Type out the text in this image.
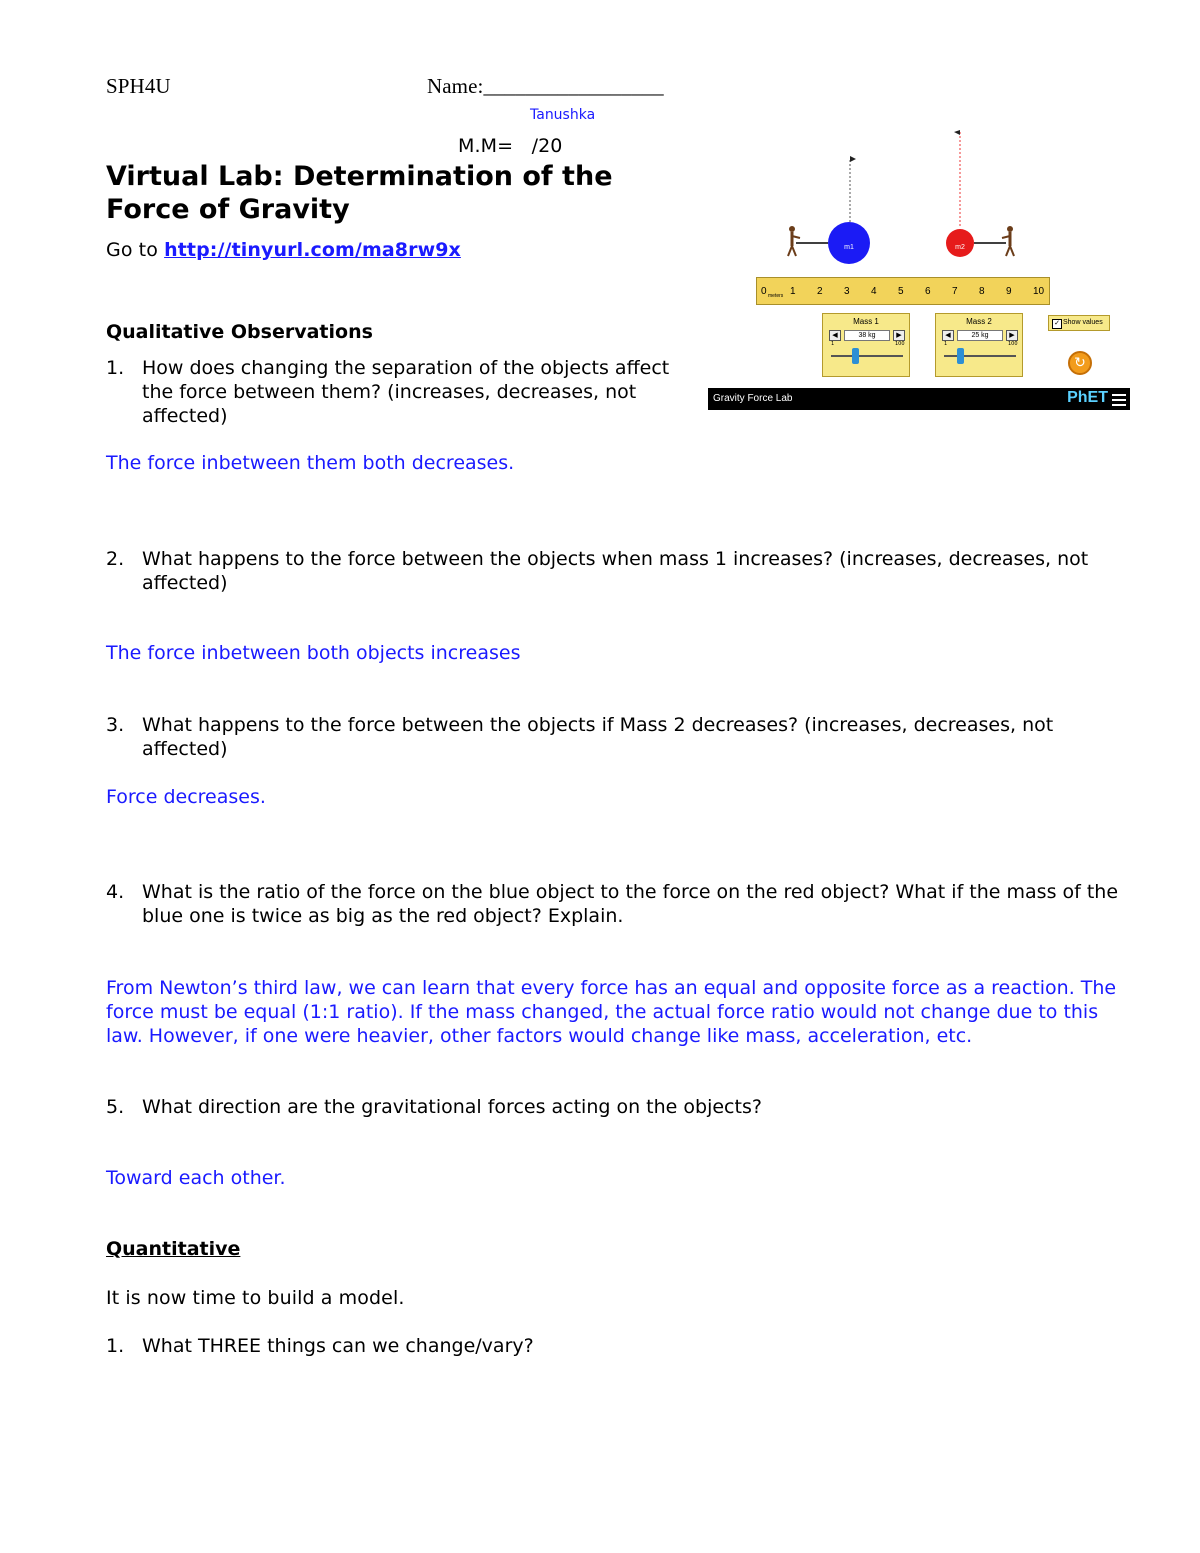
SPH4U	Name:_________________
Tanushka
M.M=   /20
Virtual Lab: Determination of the
Force of Gravity
Go to http://tinyurl.com/ma8rw9x
Qualitative Observations
1. How does changing the separation of the objects affect the force between them? (increases, decreases, not affected)
The force inbetween them both decreases.
2. What happens to the force between the objects when mass 1 increases? (increases, decreases, not affected)
The force inbetween both objects increases
3. What happens to the force between the objects if Mass 2 decreases? (increases, decreases, not affected)
Force decreases.
4. What is the ratio of the force on the blue object to the force on the red object? What if the mass of the blue one is twice as big as the red object? Explain.
From Newton’s third law, we can learn that every force has an equal and opposite force as a reaction. The force must be equal (1:1 ratio). If the mass changed, the actual force ratio would not change due to this law. However, if one were heavier, other factors would change like mass, acceleration, etc.
5. What direction are the gravitational forces acting on the objects?
Toward each other.
Quantitative
It is now time to build a model.
1. What THREE things can we change/vary?
m1	m2
0 meters 1 2 3 4 5 6 7 8 9 10
Mass 1
◀	38 kg	▶
1	100
Mass 2
◀	25 kg	▶
1	100
✓ Show values
↻
Gravity Force Lab	PhET
